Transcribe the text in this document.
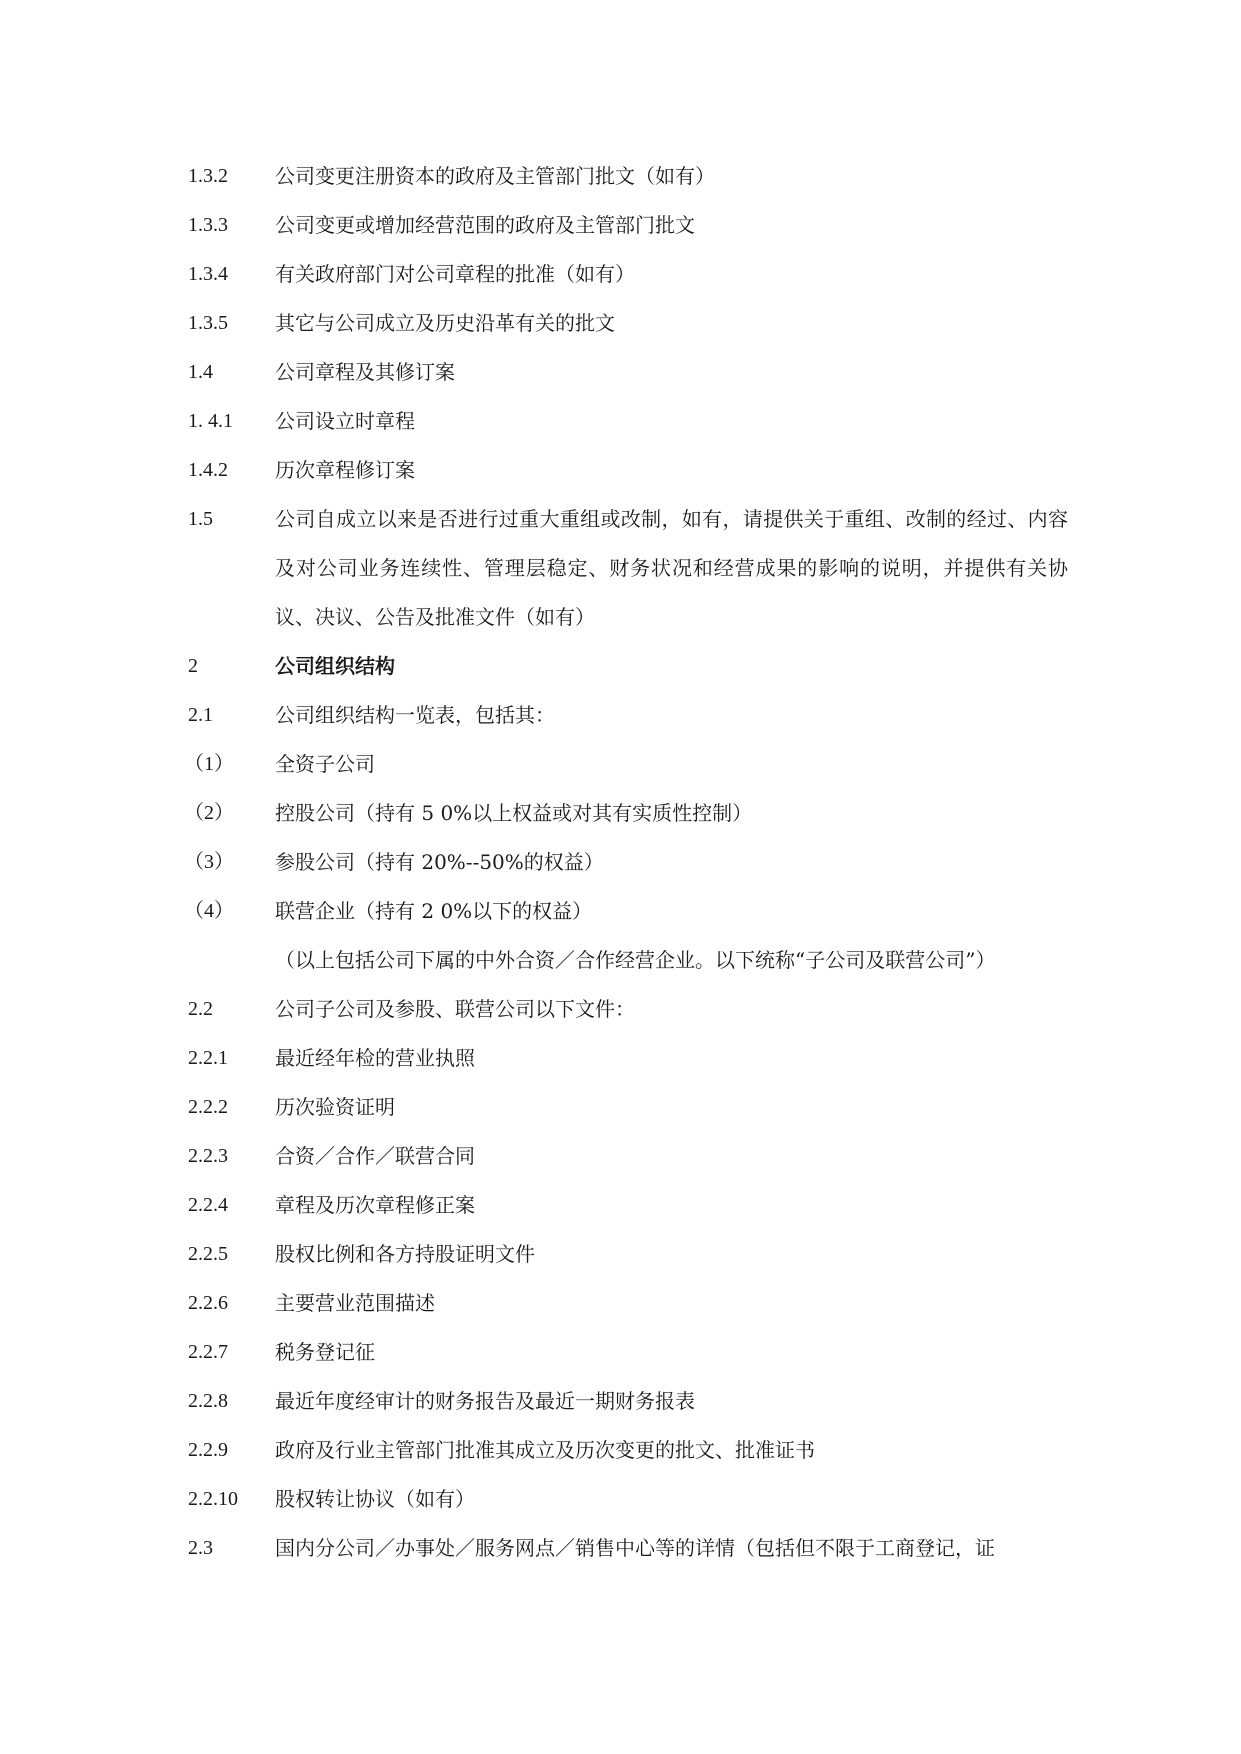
1.3.2	公司变更注册资本的政府及主管部门批文（如有）
1.3.3	公司变更或增加经营范围的政府及主管部门批文
1.3.4	有关政府部门对公司章程的批准（如有）
1.3.5	其它与公司成立及历史沿革有关的批文
1.4	公司章程及其修订案
1. 4.1	公司设立时章程
1.4.2	历次章程修订案
1.5	公司自成立以来是否进行过重大重组或改制，如有，请提供关于重组、改制的经过、内容及对公司业务连续性、管理层稳定、财务状况和经营成果的影响的说明，并提供有关协议、决议、公告及批准文件（如有）
2	公司组织结构
2.1	公司组织结构一览表，包括其：
（1）	全资子公司
（2）	控股公司（持有 5 0%以上权益或对其有实质性控制）
（3）	参股公司（持有 20%--50%的权益）
（4）	联营企业（持有 2 0%以下的权益）
（以上包括公司下属的中外合资／合作经营企业。以下统称“子公司及联营公司”）
2.2	公司子公司及参股、联营公司以下文件：
2.2.1	最近经年检的营业执照
2.2.2	历次验资证明
2.2.3	合资／合作／联营合同
2.2.4	章程及历次章程修正案
2.2.5	股权比例和各方持股证明文件
2.2.6	主要营业范围描述
2.2.7	税务登记征
2.2.8	最近年度经审计的财务报告及最近一期财务报表
2.2.9	政府及行业主管部门批准其成立及历次变更的批文、批准证书
2.2.10	股权转让协议（如有）
2.3	国内分公司／办事处／服务网点／销售中心等的详情（包括但不限于工商登记，证
